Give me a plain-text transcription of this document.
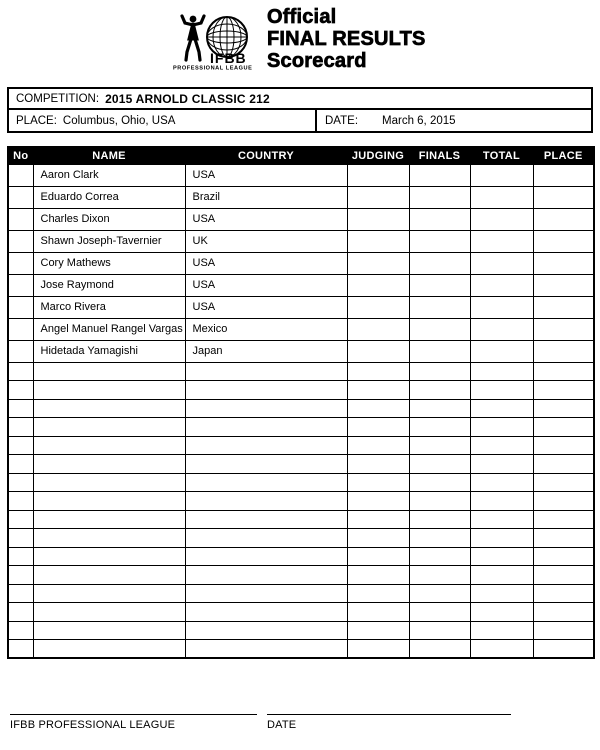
IFBB
PROFESSIONAL LEAGUE
Official
FINAL RESULTS
Scorecard
COMPETITION: 2015 ARNOLD CLASSIC 212
PLACE: Columbus, Ohio, USA	DATE: March 6, 2015
No	NAME	COUNTRY	JUDGING	FINALS	TOTAL	PLACE
	Aaron Clark	USA				
	Eduardo Correa	Brazil				
	Charles Dixon	USA				
	Shawn Joseph-Tavernier	UK				
	Cory Mathews	USA				
	Jose Raymond	USA				
	Marco Rivera	USA				
	Angel Manuel Rangel Vargas	Mexico				
	Hidetada Yamagishi	Japan				

IFBB PROFESSIONAL LEAGUE	DATE
